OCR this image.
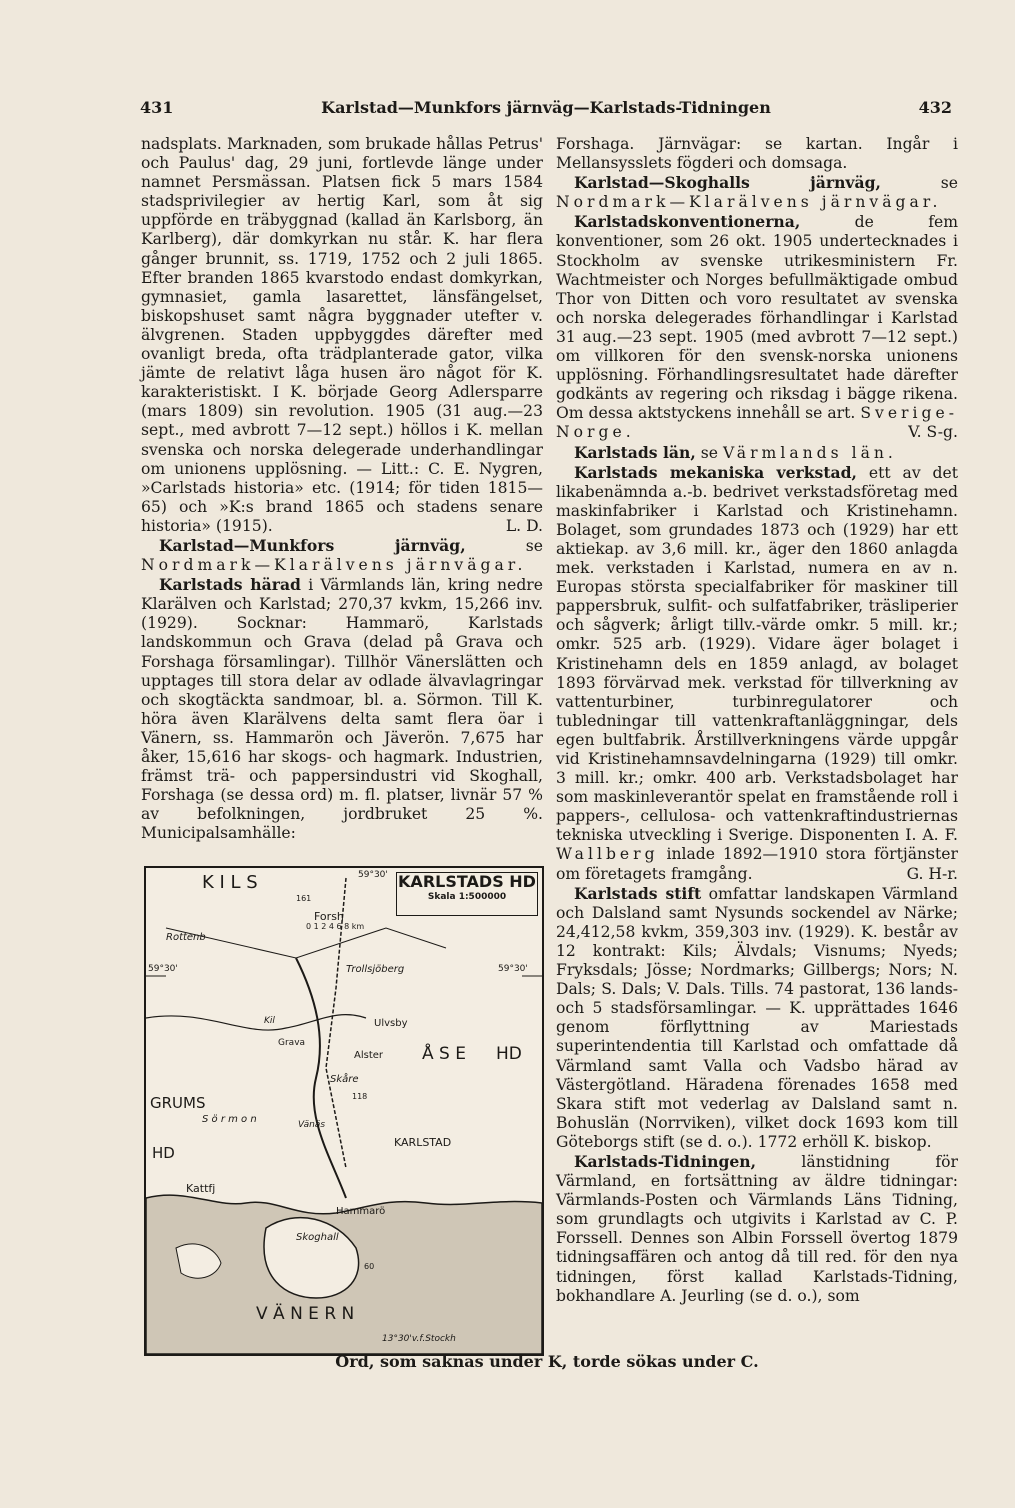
431	Karlstad—Munkfors järnväg—Karlstads-Tidningen	432

nadsplats. Marknaden, som brukade hållas Petrus' och Paulus' dag, 29 juni, fortlevde länge under namnet Persmässan. Platsen fick 5 mars 1584 stadsprivilegier av hertig Karl, som åt sig uppförde en träbyggnad (kallad än Karlsborg, än Karlberg), där domkyrkan nu står. K. har flera gånger brunnit, ss. 1719, 1752 och 2 juli 1865. Efter branden 1865 kvarstodo endast domkyrkan, gymnasiet, gamla lasarettet, länsfängelset, biskopshuset samt några byggnader utefter v. älvgrenen. Staden uppbyggdes därefter med ovanligt breda, ofta trädplanterade gator, vilka jämte de relativt låga husen äro något för K. karakteristiskt. I K. började Georg Adlersparre (mars 1809) sin revolution. 1905 (31 aug.—23 sept., med avbrott 7—12 sept.) höllos i K. mellan svenska och norska delegerade underhandlingar om unionens upplösning. — Litt.: C. E. Nygren, »Carlstads historia» etc. (1914; för tiden 1815—65) och »K:s brand 1865 och stadens senare historia» (1915).	L. D.

Karlstad—Munkfors järnväg,	se Nordmark—Klarälvens järnvägar.

Karlstads härad i Värmlands län, kring nedre Klarälven och Karlstad; 270,37 kvkm, 15,266 inv. (1929). Socknar: Hammarö, Karlstads landskommun och Grava (delad på Grava och Forshaga församlingar). Tillhör Vänerslätten och upptages till stora delar av odlade älvavlagringar och skogtäckta sandmoar, bl. a. Sörmon. Till K. höra även Klarälvens delta samt flera öar i Vänern, ss. Hammarön och Jäverön. 7,675 har åker, 15,616 har skogs- och hagmark. Industrien, främst trä- och pappersindustri vid Skoghall, Forshaga (se dessa ord) m. fl. platser, livnär 57 % av befolkningen, jordbruket 25 %. Municipalsamhälle:

KARLSTADS HD
Skala 1:500000
0 1 2 4 6 8 km
K I L S
Forsh
Rottenb
59°30'	59°30'
59°30'
Trollsjöberg
Ulvsby
Alster Å S E HD
GRUMS
HD
S ö r m o n
Skåre
KARLSTAD
Hammarö
Kattfj
Skoghall
V Ä N E R N
13°30'v.f.Stockh
Grava
Vänäs
Kil
161
118
60

Forshaga. Järnvägar: se kartan. Ingår i Mellansysslets fögderi och domsaga.

Karlstad—Skoghalls järnväg,	se Nordmark—Klarälvens järnvägar.

Karlstadskonventionerna,	de fem konventioner, som 26 okt. 1905 undertecknades i Stockholm av svenske utrikesministern Fr. Wachtmeister och Norges befullmäktigade ombud Thor von Ditten och voro resultatet av svenska och norska delegerades förhandlingar i Karlstad 31 aug.—23 sept. 1905 (med avbrott 7—12 sept.) om villkoren för den svensk-norska unionens upplösning. Förhandlingsresultatet hade därefter godkänts av regering och riksdag i bägge rikena. Om dessa aktstyckens innehåll se art. Sverige-Norge.	V. S-g.

Karlstads län, se Värmlands län.

Karlstads mekaniska verkstad, ett av det likabenämnda a.-b. bedrivet verkstadsföretag med maskinfabriker i Karlstad och Kristinehamn. Bolaget, som grundades 1873 och (1929) har ett aktiekap. av 3,6 mill. kr., äger den 1860 anlagda mek. verkstaden i Karlstad, numera en av n. Europas största specialfabriker för maskiner till pappersbruk, sulfit- och sulfatfabriker, träsliperier och sågverk; årligt tillv.-värde omkr. 5 mill. kr.; omkr. 525 arb. (1929). Vidare äger bolaget i Kristinehamn dels en 1859 anlagd, av bolaget 1893 förvärvad mek. verkstad för tillverkning av vattenturbiner, turbinregulatorer och tubledningar till vattenkraftanläggningar, dels egen bultfabrik. Årstillverkningens värde uppgår vid Kristinehamnsavdelningarna (1929) till omkr. 3 mill. kr.; omkr. 400 arb. Verkstadsbolaget har som maskinleverantör spelat en framstående roll i pappers-, cellulosa- och vattenkraftindustriernas tekniska utveckling i Sverige. Disponenten I. A. F. Wallberg inlade 1892—1910 stora förtjänster om företagets framgång.	G. H-r.

Karlstads stift omfattar landskapen Värmland och Dalsland samt Nysunds sockendel av Närke; 24,412,58 kvkm, 359,303 inv. (1929). K. består av 12 kontrakt: Kils; Älvdals; Visnums; Nyeds; Fryksdals; Jösse; Nordmarks; Gillbergs; Nors; N. Dals; S. Dals; V. Dals. Tills. 74 pastorat, 136 lands- och 5 stadsförsamlingar. — K. upprättades 1646 genom förflyttning av Mariestads superintendentia till Karlstad och omfattade då Värmland samt Valla och Vadsbo härad av Västergötland. Häradena förenades 1658 med Skara stift mot vederlag av Dalsland samt n. Bohuslän (Norrviken), vilket dock 1693 kom till Göteborgs stift (se d. o.). 1772 erhöll K. biskop.

Karlstads-Tidningen,	länstidning för Värmland, en fortsättning av äldre tidningar: Värmlands-Posten och Värmlands Läns Tidning, som grundlagts och utgivits i Karlstad av C. P. Forssell. Dennes son Albin Forssell övertog 1879 tidningsaffären och antog då till red. för den nya tidningen, först kallad Karlstads-Tidning, bokhandlare A. Jeurling (se d. o.), som

Ord, som saknas under K, torde sökas under C.
